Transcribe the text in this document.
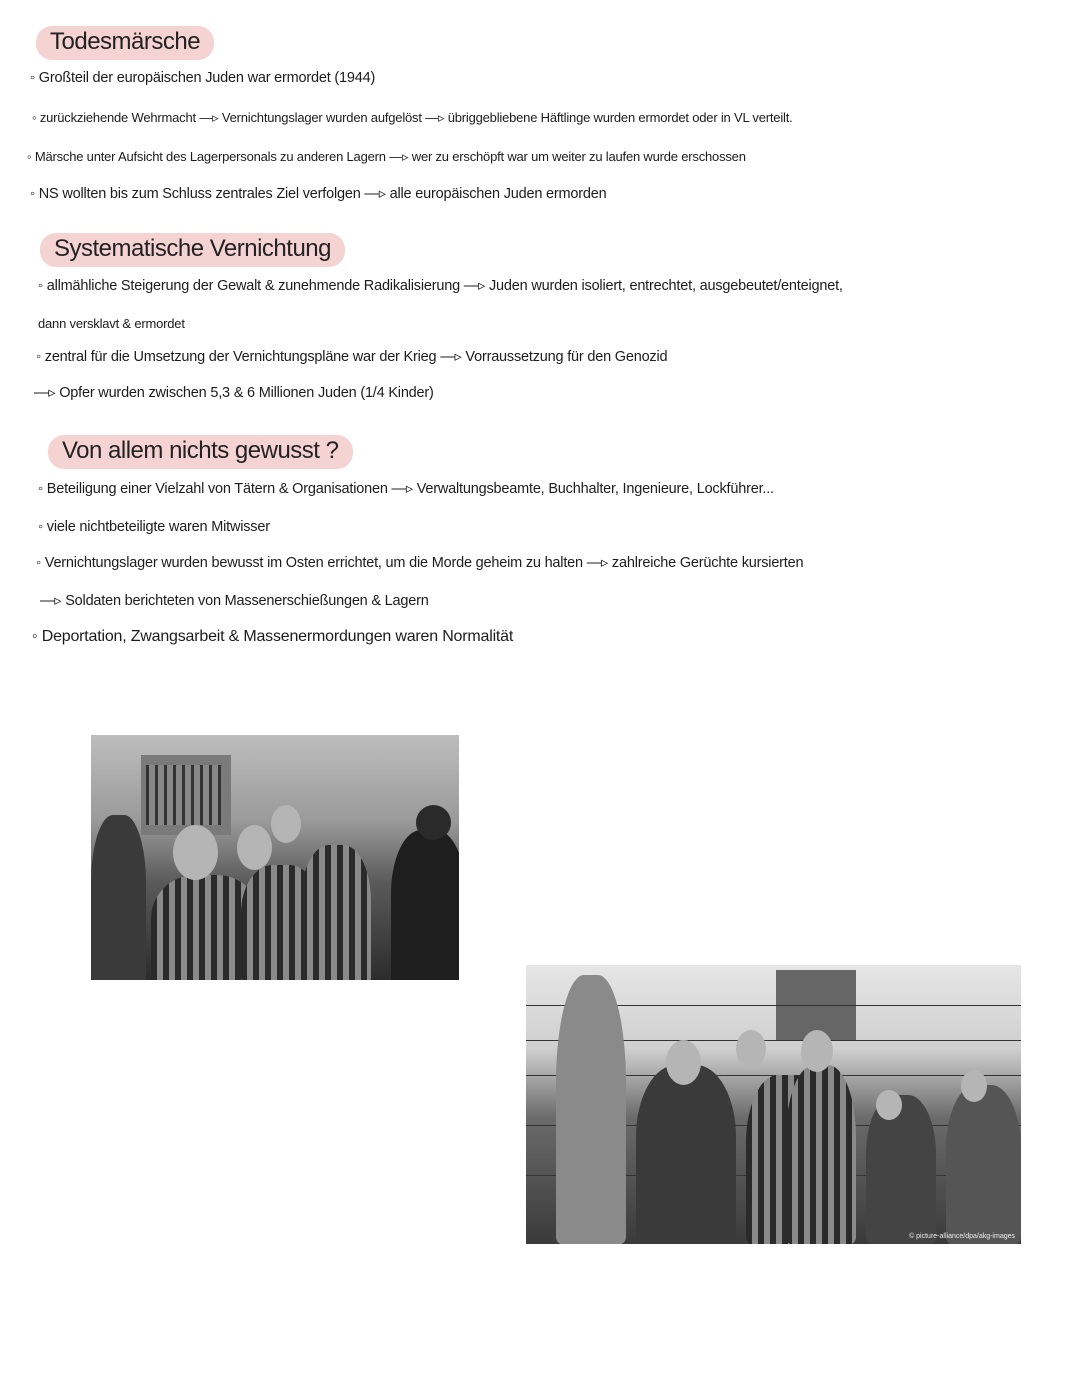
Todesmärsche
◦ Großteil der europäischen Juden war ermordet (1944)
◦ zurückziehende Wehrmacht —▹ Vernichtungslager wurden aufgelöst —▹ übriggebliebene Häftlinge wurden ermordet oder in VL verteilt.
◦ Märsche unter Aufsicht des Lagerpersonals zu anderen Lagern —▹ wer zu erschöpft war um weiter zu laufen wurde erschossen
◦ NS wollten bis zum Schluss zentrales Ziel verfolgen —▹ alle europäischen Juden ermorden
Systematische Vernichtung
◦ allmähliche Steigerung der Gewalt & zunehmende Radikalisierung —▹ Juden wurden isoliert, entrechtet, ausgebeutet/enteignet,
dann versklavt & ermordet
◦ zentral für die Umsetzung der Vernichtungspläne war der Krieg —▹ Vorraussetzung für den Genozid
—▹ Opfer wurden zwischen 5,3 & 6 Millionen Juden (1/4 Kinder)
Von allem nichts gewusst ?
◦ Beteiligung einer Vielzahl von Tätern & Organisationen —▹ Verwaltungsbeamte, Buchhalter, Ingenieure, Lockführer...
◦ viele nichtbeteiligte waren Mitwisser
◦ Vernichtungslager wurden bewusst im Osten errichtet, um die Morde geheim zu halten —▹ zahlreiche Gerüchte kursierten
—▹ Soldaten berichteten von Massenerschießungen & Lagern
◦ Deportation, Zwangsarbeit & Massenermordungen waren Normalität
© picture-alliance/dpa/akg-images
